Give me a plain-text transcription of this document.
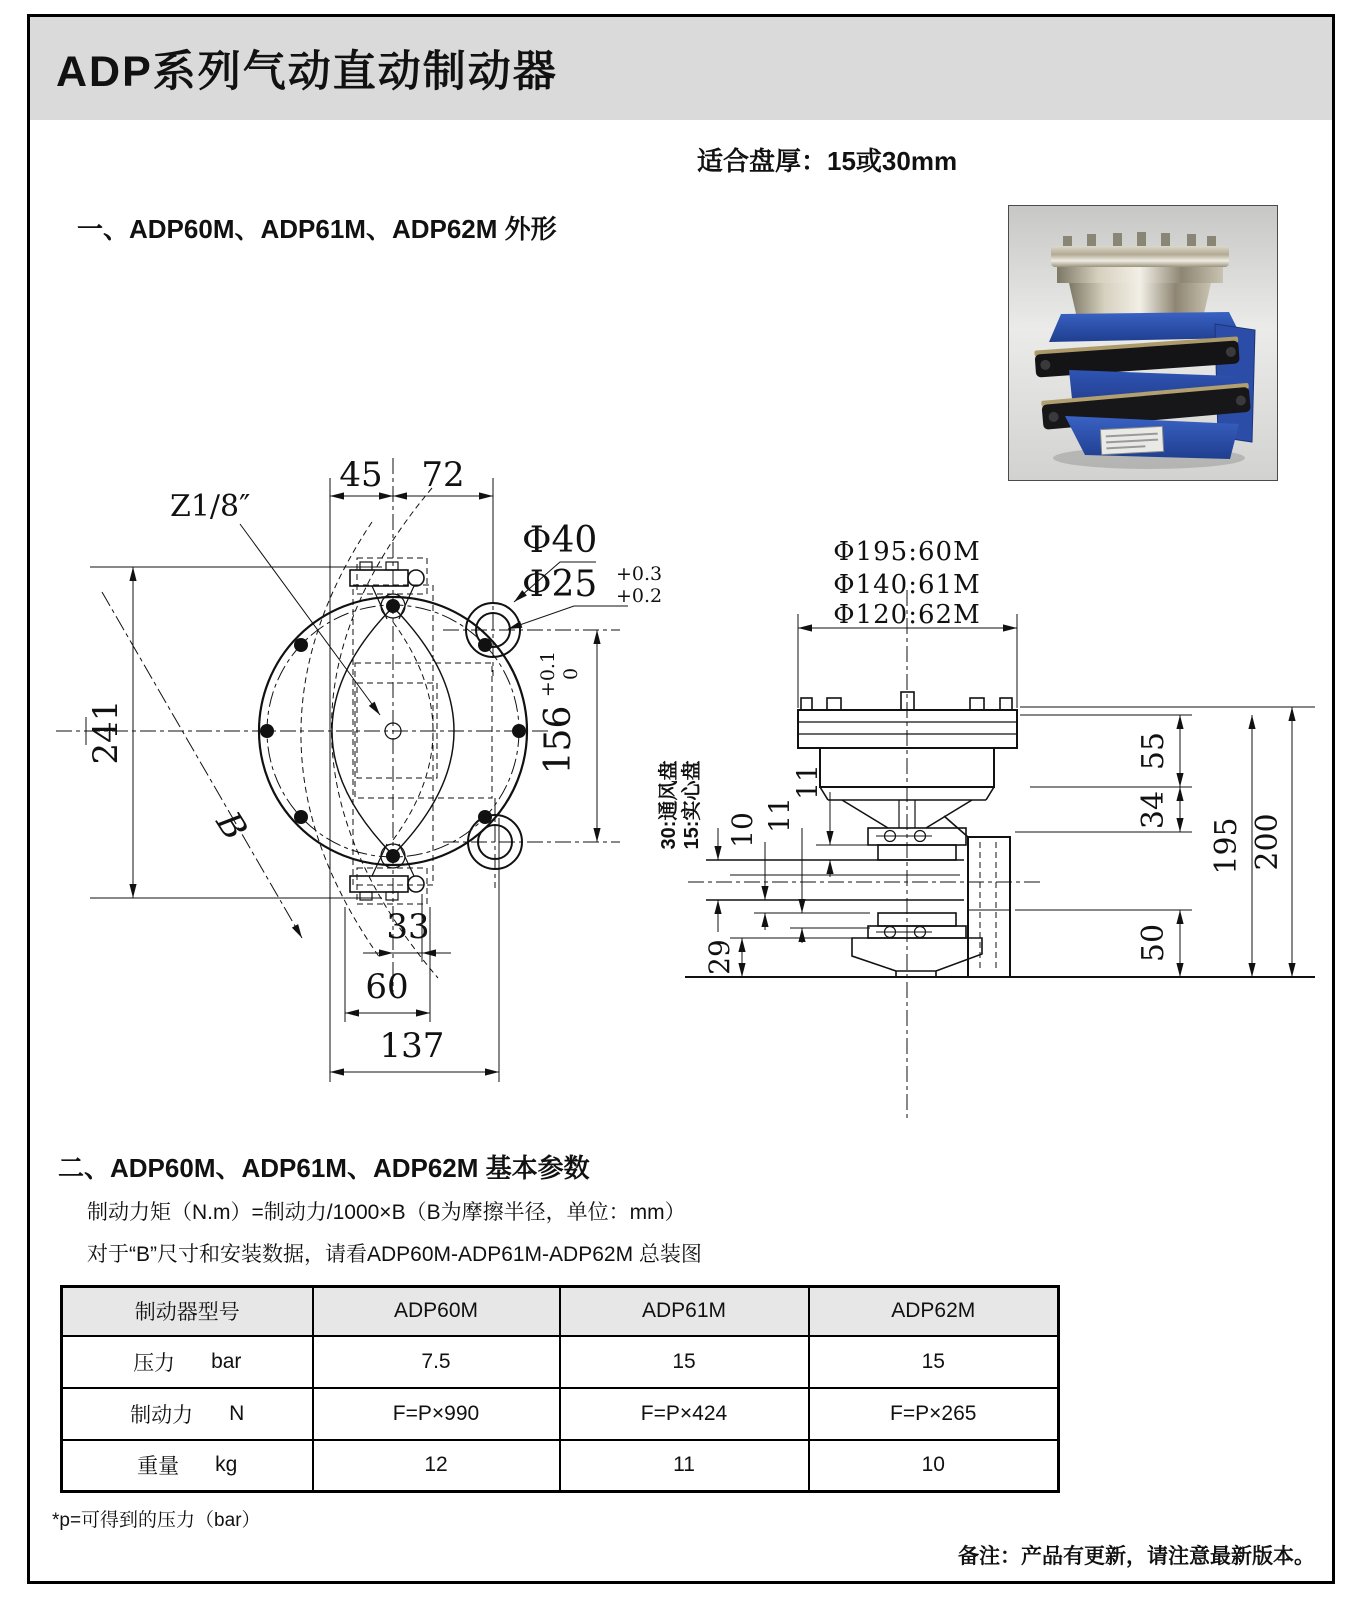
ADP系列气动直动制动器
适合盘厚：15或30mm
一、ADP60M、ADP61M、ADP62M 外形
45 72
Z1/8″
Φ40
Φ25 +0.3
+0.2
241	156
+0.1 0
B
33
60
137
Φ195:60M
Φ140:61M
Φ120:62M
30:通风盘 15:实心盘	11
11
10
29
55
34
50
195 200
二、ADP60M、ADP61M、ADP62M 基本参数
制动力矩（N.m）=制动力/1000×B（B为摩擦半径，单位：mm）
对于“B”尺寸和安装数据，请看ADP60M-ADP61M-ADP62M 总装图
制动器型号	ADP60M	ADP61M	ADP62M

压力 bar	7.5	15	15

制动力 N	F=P×990	F=P×424	F=P×265

重量 kg	12	11	10
*p=可得到的压力（bar）
备注：产品有更新，请注意最新版本。
